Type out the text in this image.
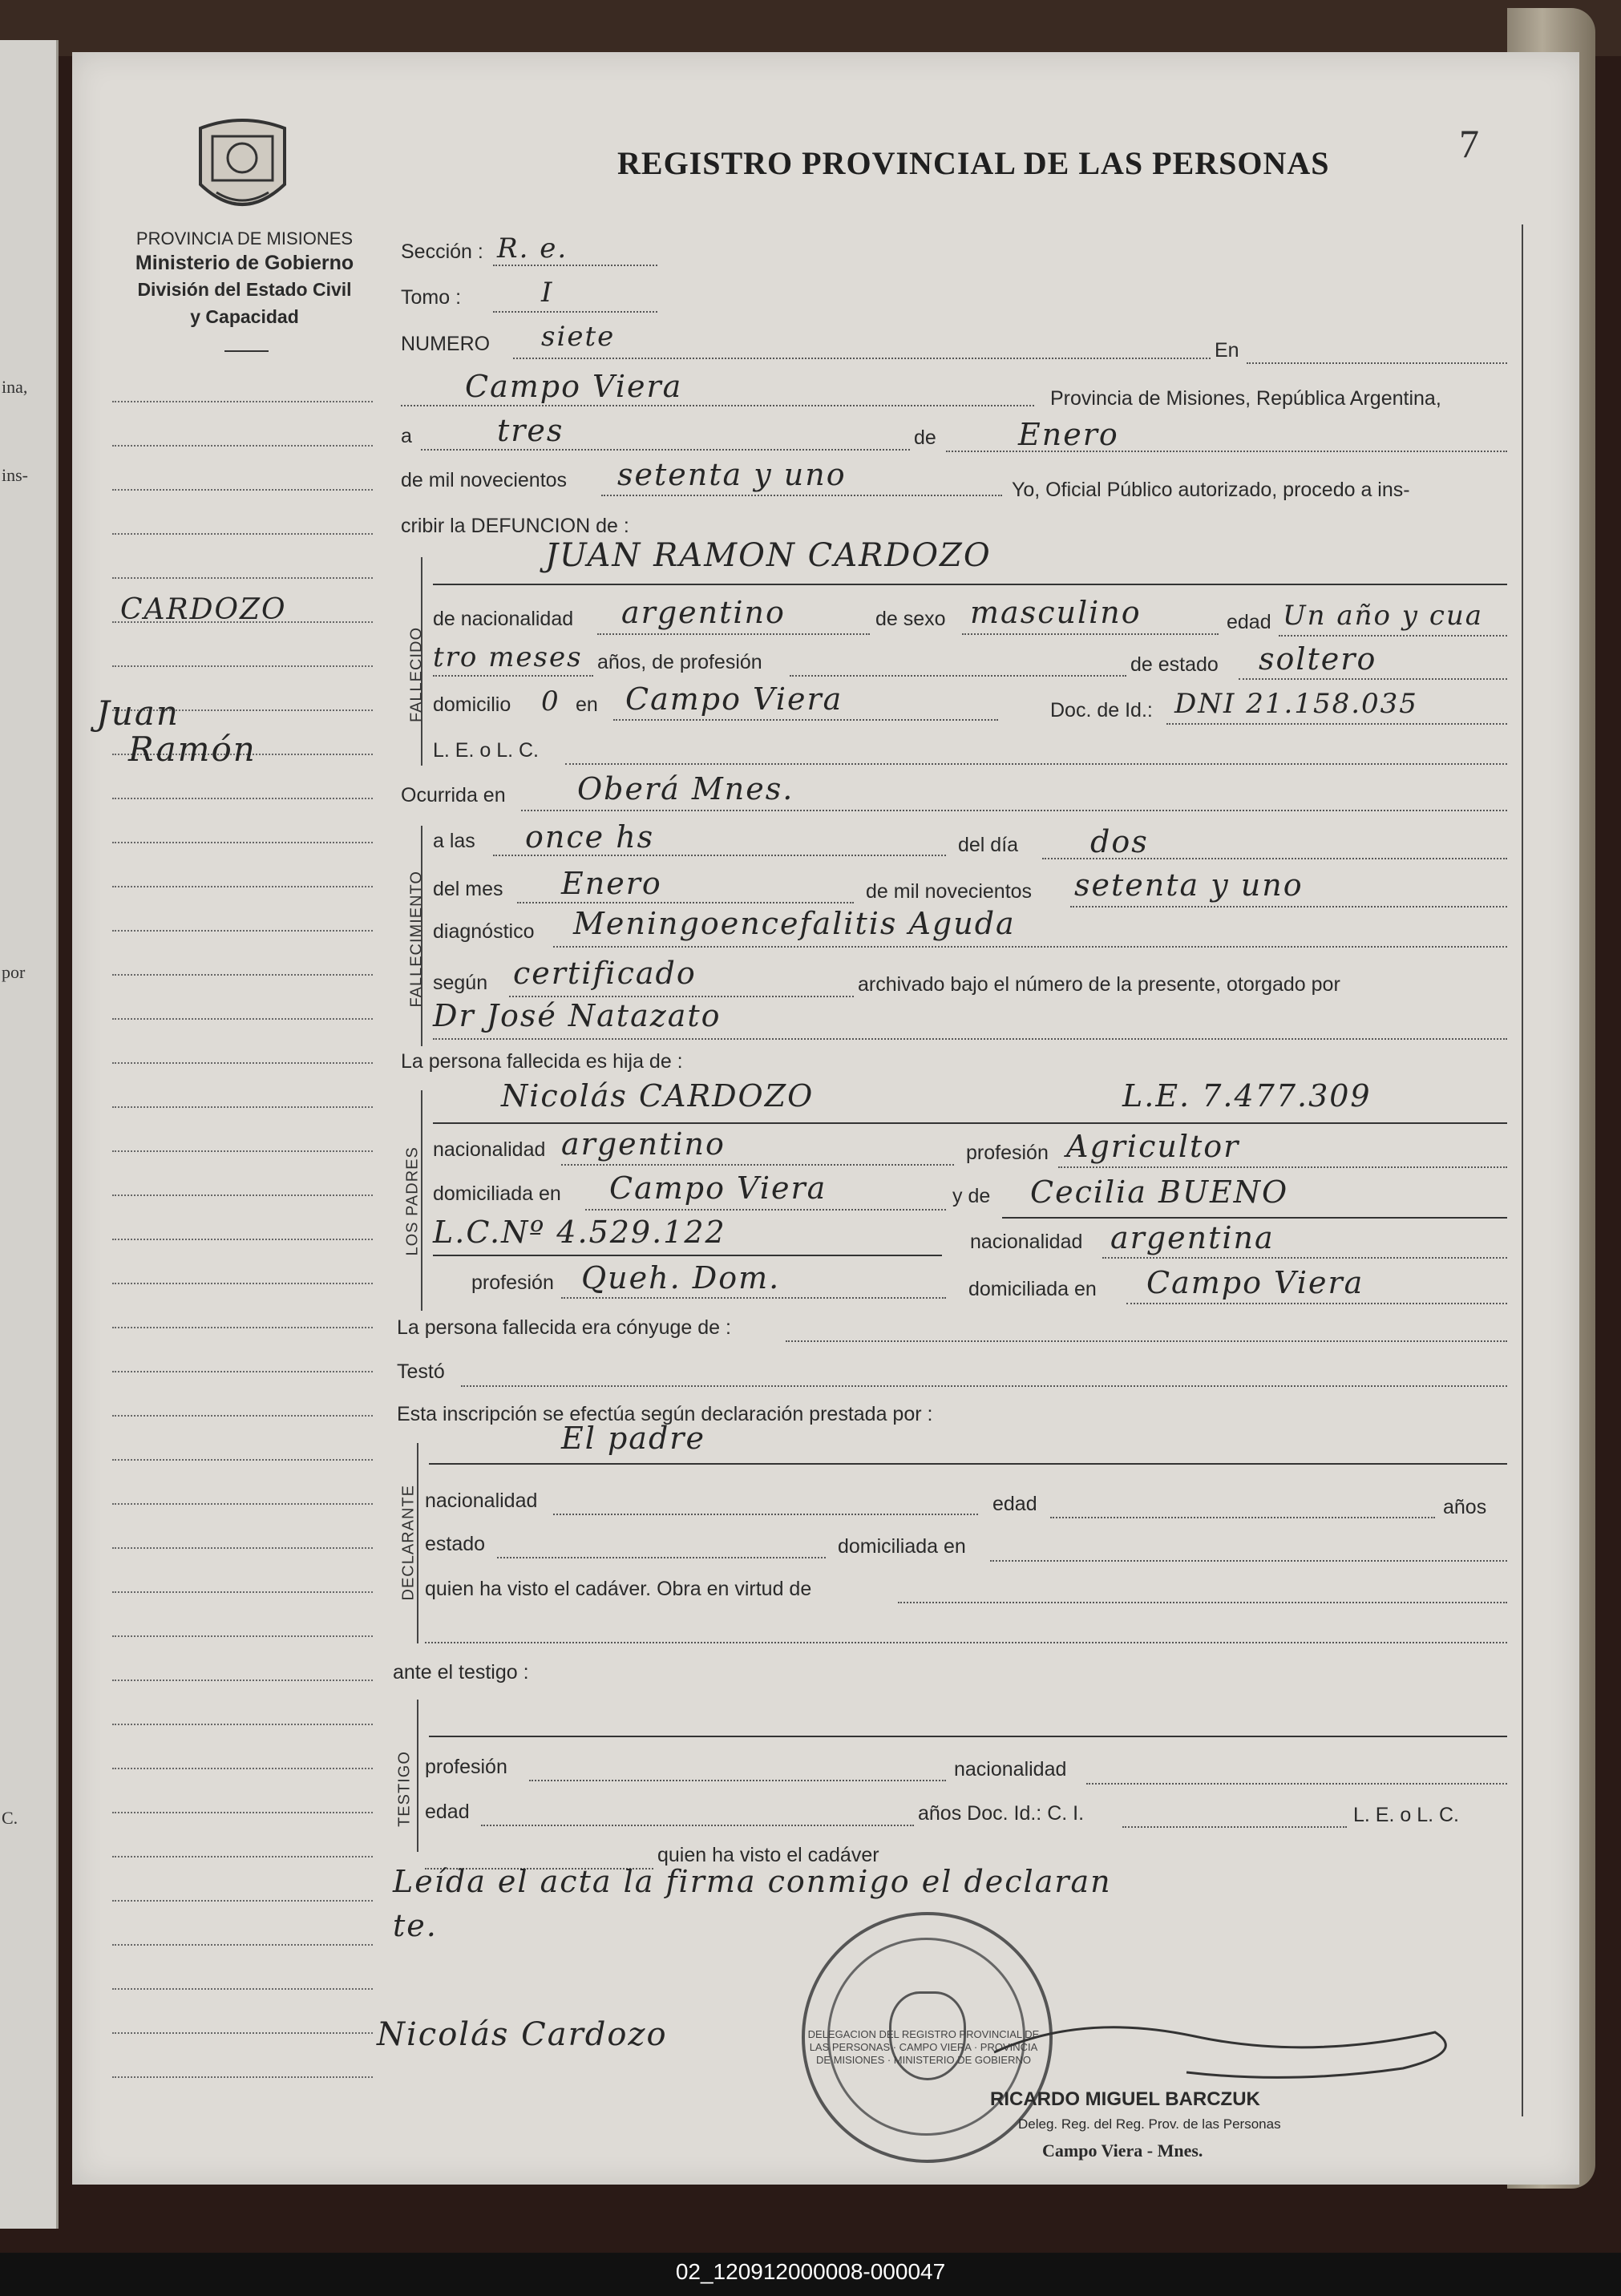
ina,
ins-
por
C.
PROVINCIA DE MISIONES
Ministerio de Gobierno
División del Estado Civil
y Capacidad
REGISTRO PROVINCIAL DE LAS PERSONAS	7
CARDOZO
Juan
Ramón
Sección : R. e.
Tomo :	I
NUMERO siete	En
Campo Viera	Provincia de Misiones, República Argentina,
a	tres	de	Enero
de mil novecientos setenta y uno	Yo, Oficial Público autorizado, procedo a ins-
cribir la DEFUNCION de :
FALLECIDO
JUAN RAMON CARDOZO
de nacionalidad argentino	de sexo masculino	edad Un año y cua
tro meses años, de profesión	de estado soltero
domicilio 0 en Campo Viera	Doc. de Id.: DNI 21.158.035
L. E. o L. C.
Ocurrida en Oberá Mnes.
FALLECIMIENTO
a las once hs	del día dos
del mes Enero	de mil novecientos setenta y uno
diagnóstico Meningoencefalitis Aguda
según certificado	archivado bajo el número de la presente, otorgado por
Dr José Natazato
La persona fallecida es hija de :
LOS PADRES
Nicolás CARDOZO	L.E. 7.477.309
nacionalidad argentino	profesión Agricultor
domiciliada en Campo Viera	y de Cecilia BUENO
L.C.Nº 4.529.122	nacionalidad argentina
profesión Queh. Dom.	domiciliada en Campo Viera
La persona fallecida era cónyuge de :
Testó
Esta inscripción se efectúa según declaración prestada por :
DECLARANTE
El padre
nacionalidad	edad	años
estado	domiciliada en
quien ha visto el cadáver. Obra en virtud de
ante el testigo :
TESTIGO profesión	nacionalidad
edad	años Doc. Id.: C. I.	L. E. o L. C.
quien ha visto el cadáver
Leída el acta la firma conmigo el declaran
te.
Nicolás Cardozo	DELEGACION DEL REGISTRO PROVINCIAL DE LAS PERSONAS · CAMPO VIERA · PROVINCIA DE MISIONES · MINISTERIO DE GOBIERNO
RICARDO MIGUEL BARCZUK
Deleg. Reg. del Reg. Prov. de las Personas
Campo Viera - Mnes.
02_120912000008-000047
